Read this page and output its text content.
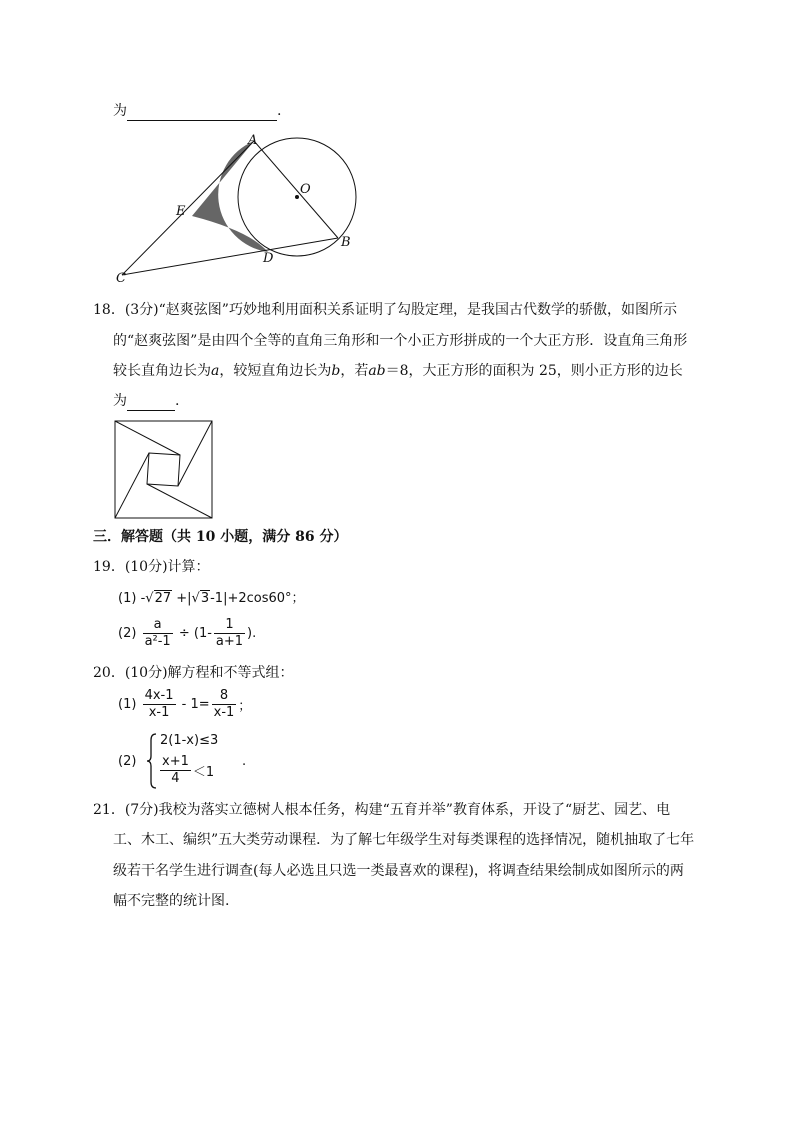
为	.
A
O
E
B
D
C
18．(3分)“赵爽弦图”巧妙地利用面积关系证明了勾股定理，是我国古代数学的骄傲，如图所示
的“赵爽弦图”是由四个全等的直角三角形和一个小正方形拼成的一个大正方形．设直角三角形
较长直角边长为a，较短直角边长为b，若ab＝8，大正方形的面积为 25，则小正方形的边长
为	.
三．解答题（共 10 小题，满分 86 分）
19．(10分)计算：
(1) -√27 +|√3-1|+2cos60°；
$(2) \frac{a}{\text{a²-1}} \div (1- \frac{1}{a+1}$ ).
20．(10分)解方程和不等式组：
$(1) \frac{4x-1}{x-1} - 1= \frac{8}{x-1}$ ；
(2)
2(1-x)≤3
$\frac{x+1}{4} <1$
.
21．(7分)我校为落实立德树人根本任务，构建“五育并举”教育体系，开设了“厨艺、园艺、电
工、木工、编织”五大类劳动课程．为了解七年级学生对每类课程的选择情况，随机抽取了七年
级若干名学生进行调查(每人必选且只选一类最喜欢的课程)，将调查结果绘制成如图所示的两
幅不完整的统计图.
